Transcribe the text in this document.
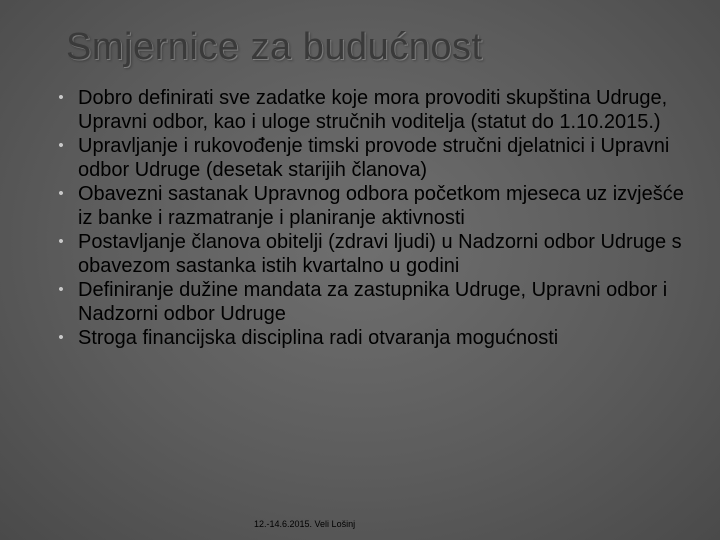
Smjernice za budućnost
• Dobro definirati sve zadatke koje mora provoditi skupština Udruge, Upravni odbor, kao i uloge stručnih voditelja (statut do 1.10.2015.)
• Upravljanje i rukovođenje timski provode stručni djelatnici i Upravni odbor Udruge (desetak starijih članova)
• Obavezni sastanak Upravnog odbora početkom mjeseca uz izvješće iz banke i razmatranje i planiranje aktivnosti
• Postavljanje članova obitelji (zdravi ljudi) u Nadzorni odbor Udruge s obavezom sastanka istih kvartalno u godini
• Definiranje dužine mandata za zastupnika Udruge, Upravni odbor i Nadzorni odbor Udruge
• Stroga financijska disciplina radi otvaranja mogućnosti
12.-14.6.2015. Veli Lošinj
